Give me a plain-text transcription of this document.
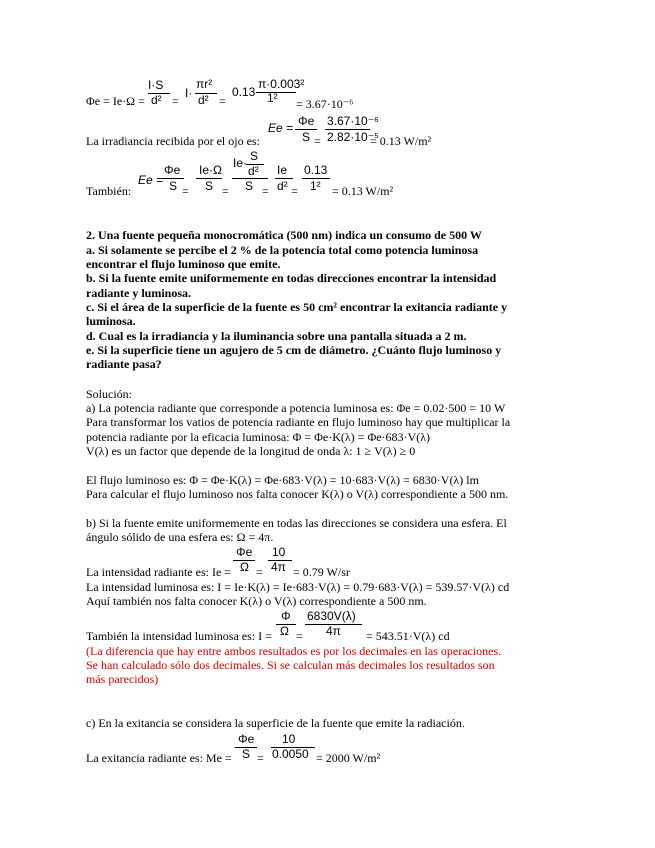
Φe = Ie·Ω =
I·S
d² =
I·
πr²
d² =
0.13
π·0.003²
1² = 3.67·10⁻⁶
La irradiancia recibida por el ojo es:
Ee = Φe
S =
3.67·10⁻⁶
2.82·10⁻⁵
= 0.13 W/m²
También:
Ee =
Φe
S =
Ie·Ω
S =
Ie· S
d²
S =
Ie
d² =
0.13
1² = 0.13 W/m²
2. Una fuente pequeña monocromática (500 nm) indica un consumo de 500 W
a. Si solamente se percibe el 2 % de la potencia total como potencia luminosa
encontrar el flujo luminoso que emite.
b. Si la fuente emite uniformemente en todas direcciones encontrar la intensidad
radiante y luminosa.
c. Si el área de la superficie de la fuente es 50 cm² encontrar la exitancia radiante y
luminosa.
d. Cual es la irradiancia y la iluminancia sobre una pantalla situada a 2 m.
e. Si la superficie tiene un agujero de 5 cm de diámetro. ¿Cuánto flujo luminoso y
radiante pasa?
Solución:
a) La potencia radiante que corresponde a potencia luminosa es: Φe = 0.02·500 = 10 W
Para transformar los vatios de potencia radiante en flujo luminoso hay que multiplicar la
potencia radiante por la eficacia luminosa: Φ = Φe·K(λ) = Φe·683·V(λ)
V(λ) es un factor que depende de la longitud de onda λ: 1 ≥ V(λ) ≥ 0
El flujo luminoso es: Φ = Φe·K(λ) = Φe·683·V(λ) = 10·683·V(λ) = 6830·V(λ) lm
Para calcular el flujo luminoso nos falta conocer K(λ) o V(λ) correspondiente a 500 nm.
b) Si la fuente emite uniformemente en todas las direcciones se considera una esfera. El
ángulo sólido de una esfera es: Ω = 4π.
La intensidad radiante es: Ie =
Φe
Ω =
10
4π = 0.79 W/sr
La intensidad luminosa es: I = Ie·K(λ) = Ie·683·V(λ) = 0.79·683·V(λ) = 539.57·V(λ) cd
Aquí también nos falta conocer K(λ) o V(λ) correspondiente a 500 nm.
También la intensidad luminosa es: I =
Φ
Ω =
6830V(λ)
4π = 543.51·V(λ) cd
(La diferencia que hay entre ambos resultados es por los decimales en las operaciones.
Se han calculado sólo dos decimales. Si se calculan más decimales los resultados son
más parecidos)
c) En la exitancia se considera la superficie de la fuente que emite la radiación.
La exitancia radiante es: Me =
Φe
S =
10
0.0050 = 2000 W/m²
